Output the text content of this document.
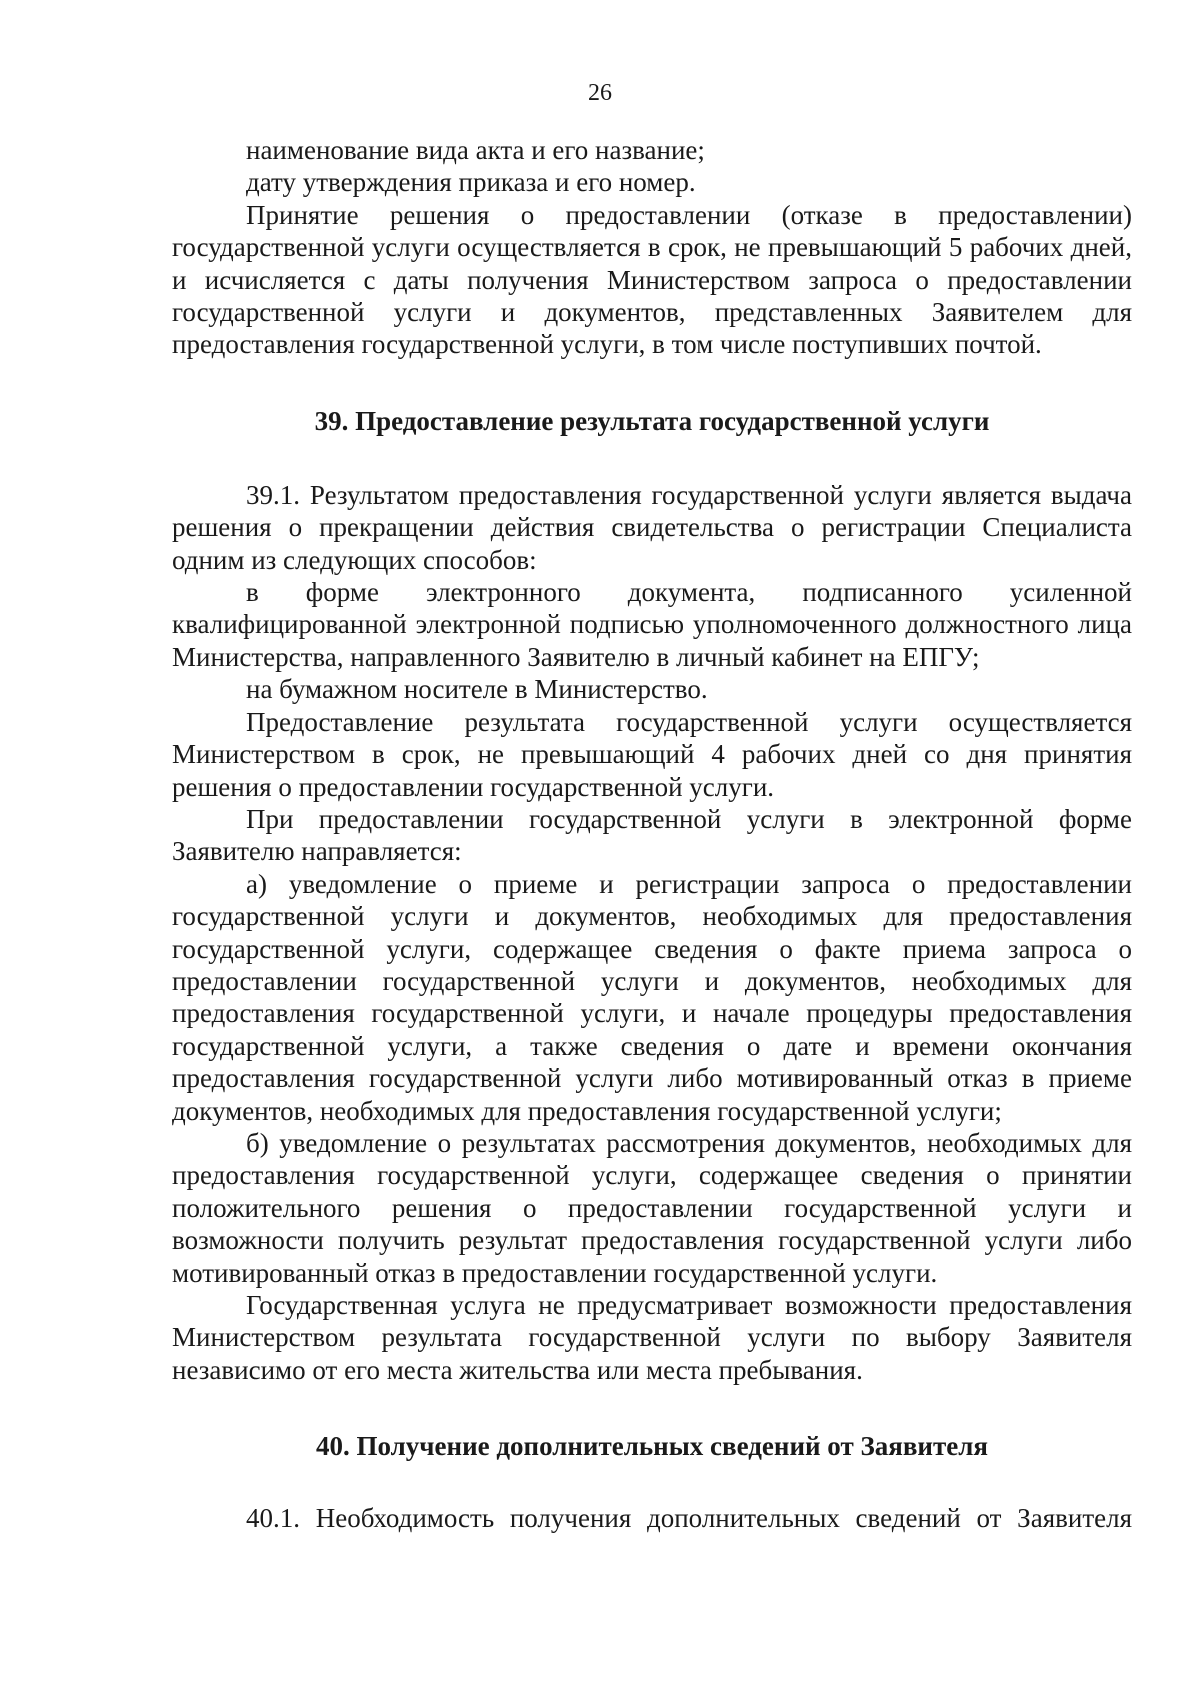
26

наименование вида акта и его название;

дату утверждения приказа и его номер.

Принятие решения о предоставлении (отказе в предоставлении) государственной услуги осуществляется в срок, не превышающий 5 рабочих дней, и исчисляется с даты получения Министерством запроса о предоставлении государственной услуги и документов, представленных Заявителем для предоставления государственной услуги, в том числе поступивших почтой.

39. Предоставление результата государственной услуги

39.1. Результатом предоставления государственной услуги является выдача решения о прекращении действия свидетельства о регистрации Специалиста одним из следующих способов:

в форме электронного документа, подписанного усиленной квалифицированной электронной подписью уполномоченного должностного лица Министерства, направленного Заявителю в личный кабинет на ЕПГУ;

на бумажном носителе в Министерство.

Предоставление результата государственной услуги осуществляется Министерством в срок, не превышающий 4 рабочих дней со дня принятия решения о предоставлении государственной услуги.

При предоставлении государственной услуги в электронной форме Заявителю направляется:

а) уведомление о приеме и регистрации запроса о предоставлении государственной услуги и документов, необходимых для предоставления государственной услуги, содержащее сведения о факте приема запроса о предоставлении государственной услуги и документов, необходимых для предоставления государственной услуги, и начале процедуры предоставления государственной услуги, а также сведения о дате и времени окончания предоставления государственной услуги либо мотивированный отказ в приеме документов, необходимых для предоставления государственной услуги;

б) уведомление о результатах рассмотрения документов, необходимых для предоставления государственной услуги, содержащее сведения о принятии положительного решения о предоставлении государственной услуги и возможности получить результат предоставления государственной услуги либо мотивированный отказ в предоставлении государственной услуги.

Государственная услуга не предусматривает возможности предоставления Министерством результата государственной услуги по выбору Заявителя независимо от его места жительства или места пребывания.

40. Получение дополнительных сведений от Заявителя

40.1. Необходимость получения дополнительных сведений от Заявителя
